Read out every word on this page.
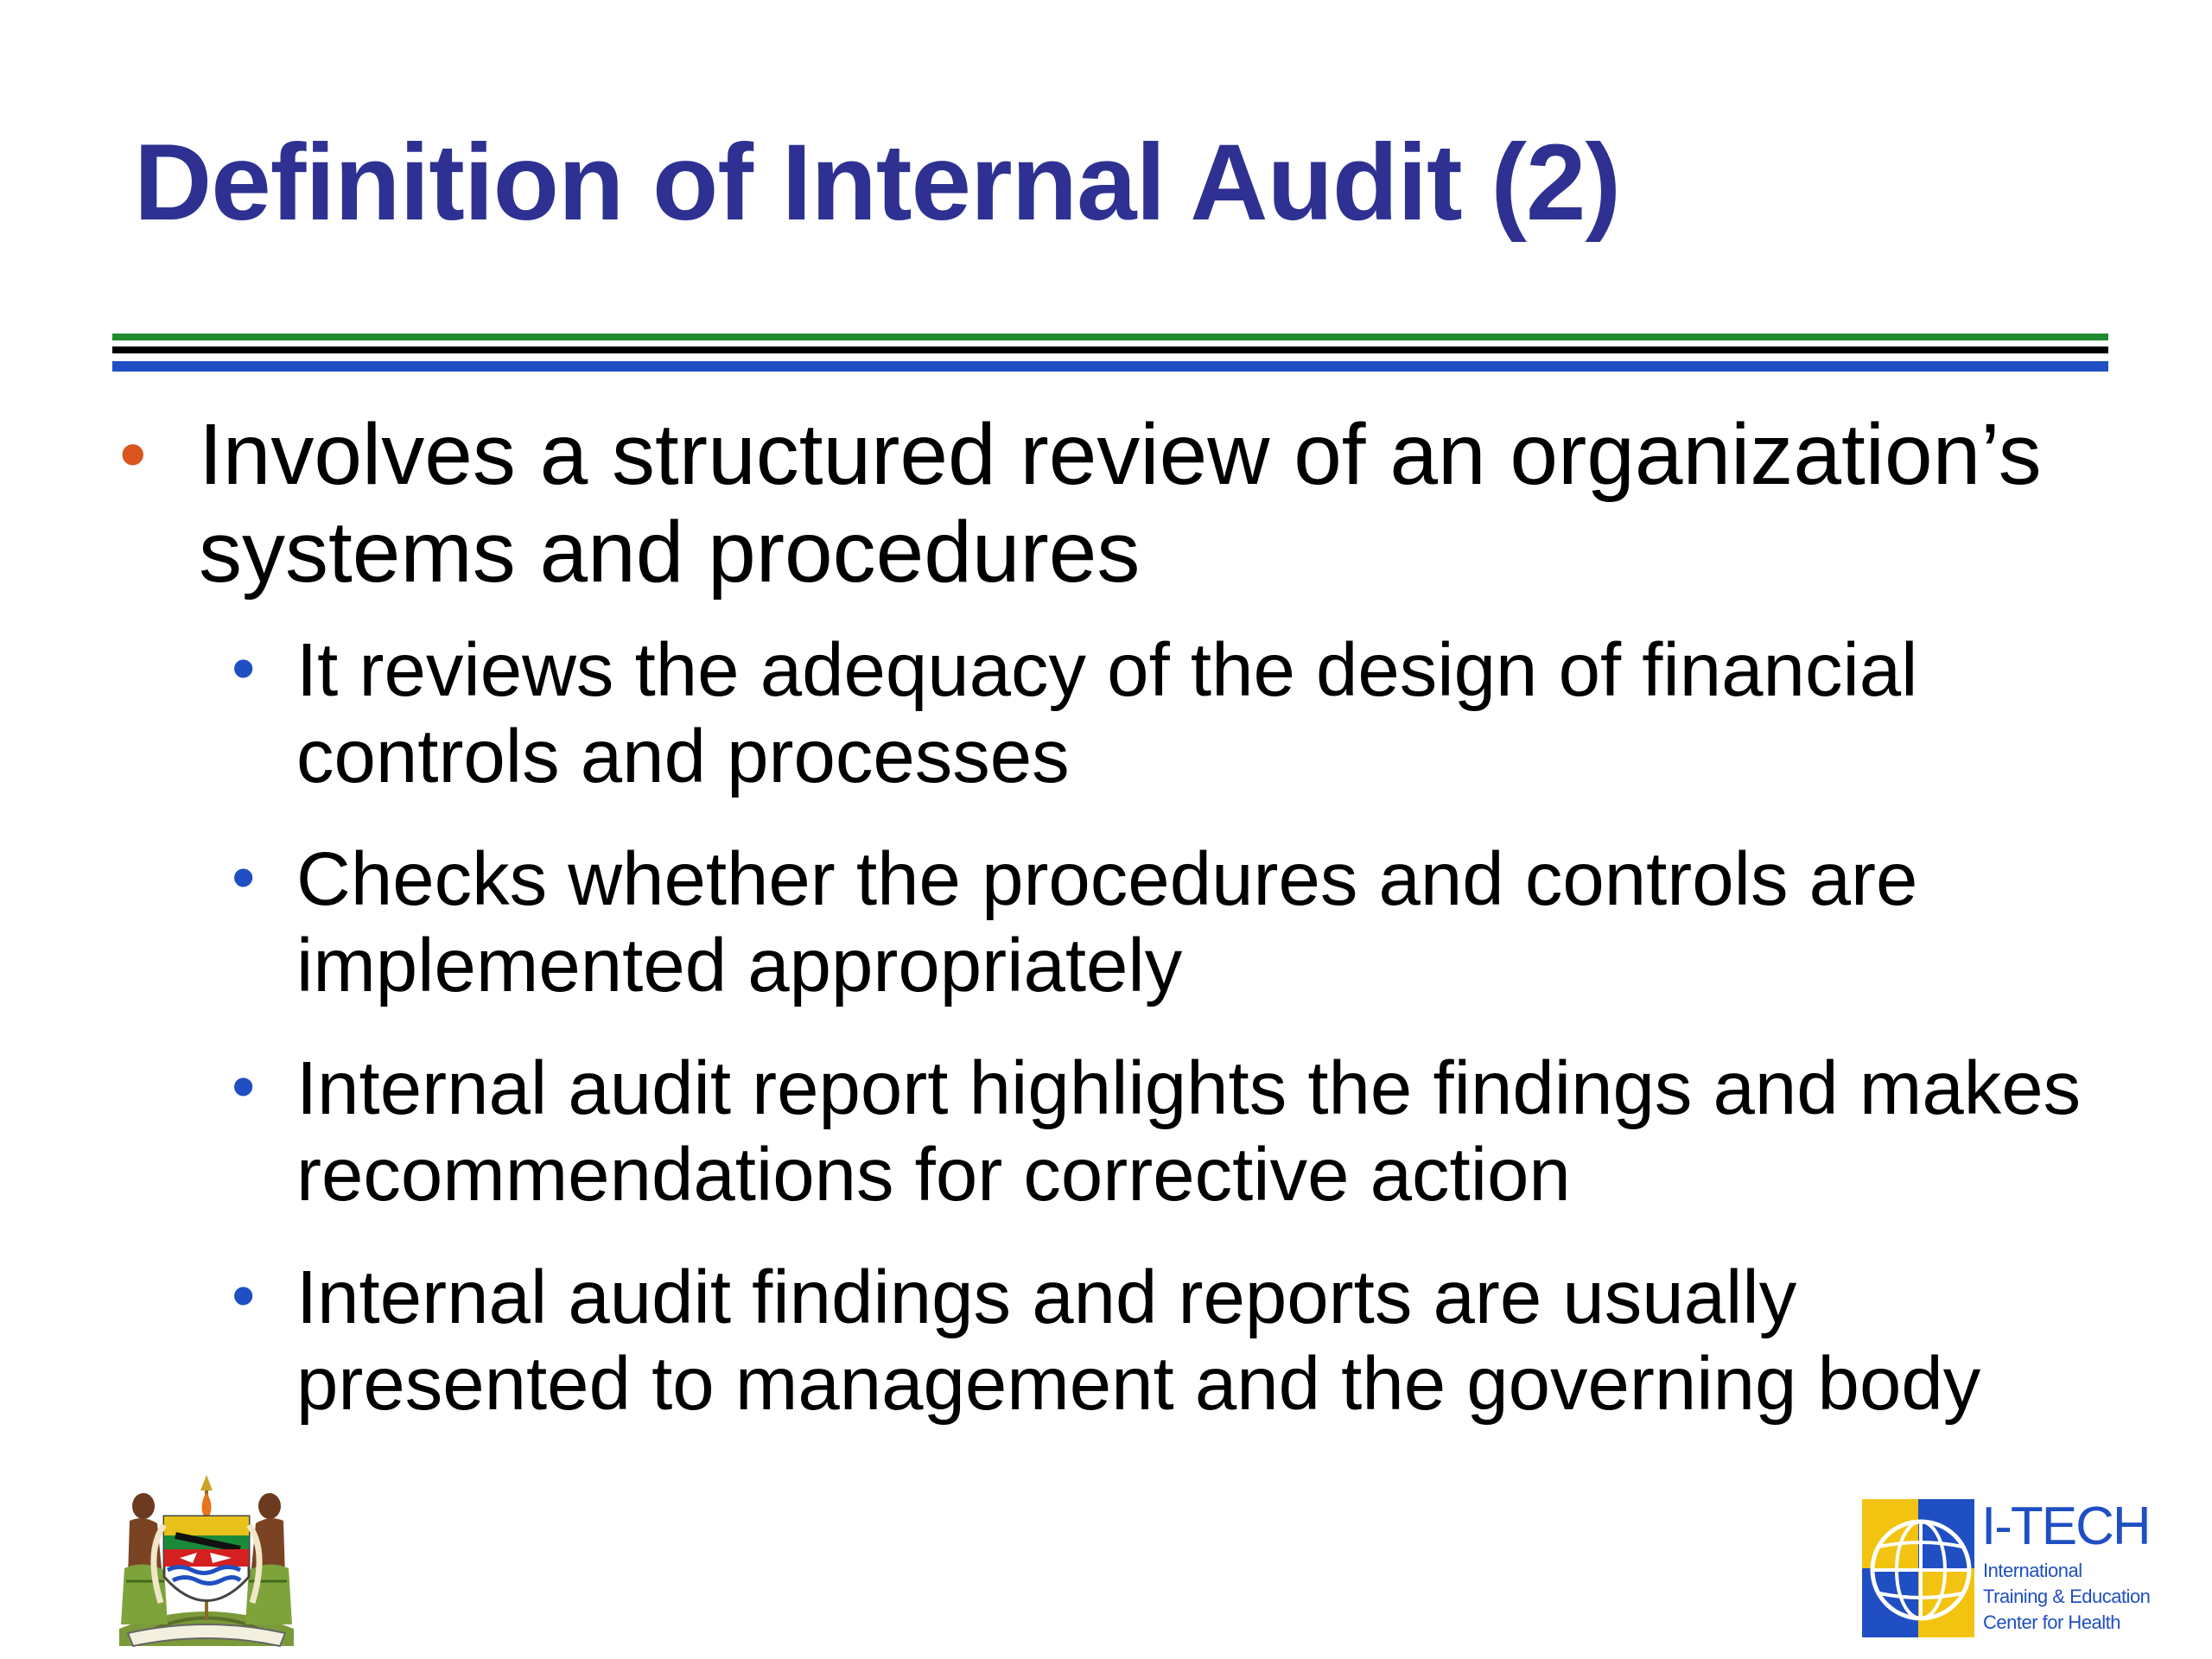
Definition of Internal Audit (2)
• Involves a structured review of an organization’s systems and procedures
• It reviews the adequacy of the design of financial controls and processes
• Checks whether the procedures and controls are implemented appropriately
• Internal audit report highlights the findings and makes recommendations for corrective action
• Internal audit findings and reports are usually presented to management and the governing body
I-TECH
International
Training & Education
Center for Health
